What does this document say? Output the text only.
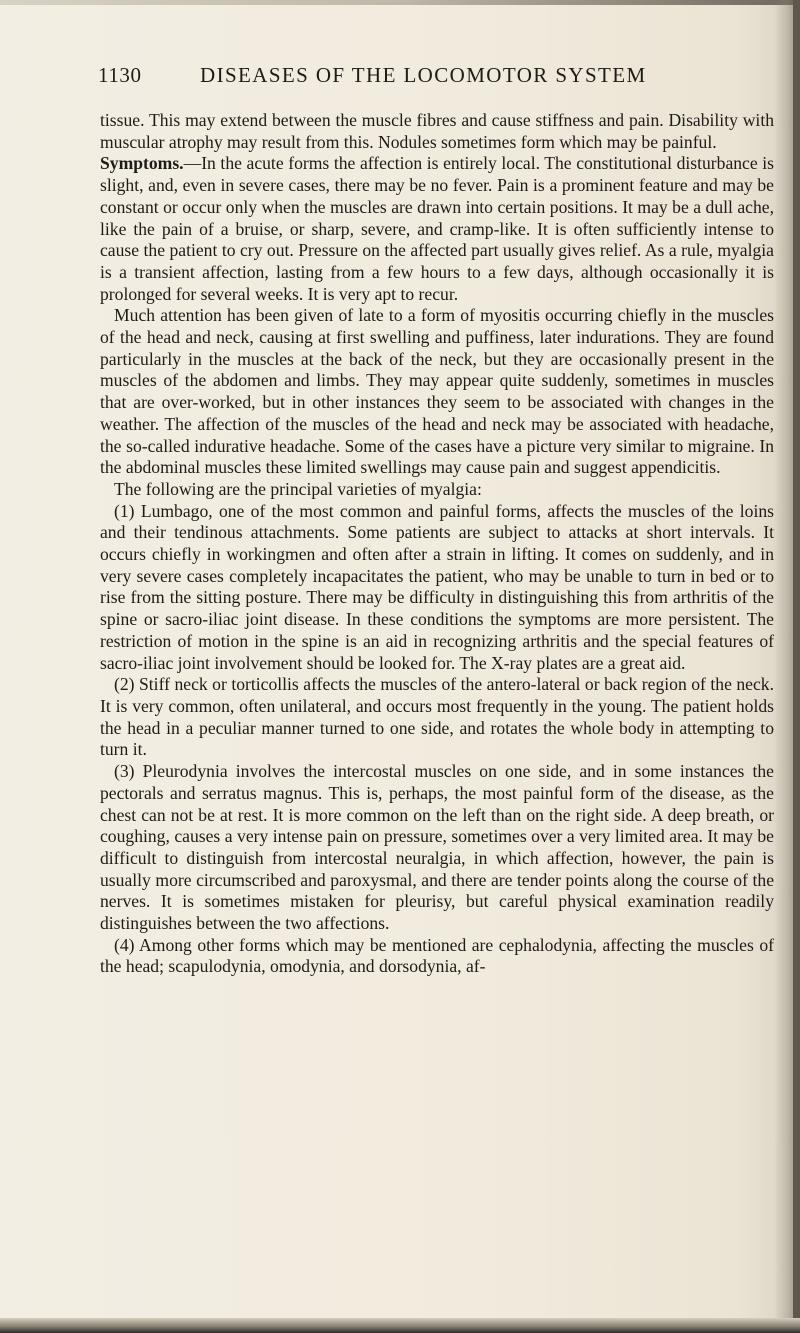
1130	DISEASES OF THE LOCOMOTOR SYSTEM

tissue. This may extend between the muscle fibres and cause stiffness and pain. Disability with muscular atrophy may result from this. Nodules sometimes form which may be painful.

Symptoms.—In the acute forms the affection is entirely local. The constitutional disturbance is slight, and, even in severe cases, there may be no fever. Pain is a prominent feature and may be constant or occur only when the muscles are drawn into certain positions. It may be a dull ache, like the pain of a bruise, or sharp, severe, and cramp-like. It is often sufficiently intense to cause the patient to cry out. Pressure on the affected part usually gives relief. As a rule, myalgia is a transient affection, lasting from a few hours to a few days, although occasionally it is prolonged for several weeks. It is very apt to recur.

Much attention has been given of late to a form of myositis occurring chiefly in the muscles of the head and neck, causing at first swelling and puffiness, later indurations. They are found particularly in the muscles at the back of the neck, but they are occasionally present in the muscles of the abdomen and limbs. They may appear quite suddenly, sometimes in muscles that are over-worked, but in other instances they seem to be associated with changes in the weather. The affection of the muscles of the head and neck may be associated with headache, the so-called indurative headache. Some of the cases have a picture very similar to migraine. In the abdominal muscles these limited swellings may cause pain and suggest appendicitis.

The following are the principal varieties of myalgia:

(1) Lumbago, one of the most common and painful forms, affects the muscles of the loins and their tendinous attachments. Some patients are subject to attacks at short intervals. It occurs chiefly in workingmen and often after a strain in lifting. It comes on suddenly, and in very severe cases completely incapacitates the patient, who may be unable to turn in bed or to rise from the sitting posture. There may be difficulty in distinguishing this from arthritis of the spine or sacro-iliac joint disease. In these conditions the symptoms are more persistent. The restriction of motion in the spine is an aid in recognizing arthritis and the special features of sacro-iliac joint involvement should be looked for. The X-ray plates are a great aid.

(2) Stiff neck or torticollis affects the muscles of the antero-lateral or back region of the neck. It is very common, often unilateral, and occurs most frequently in the young. The patient holds the head in a peculiar manner turned to one side, and rotates the whole body in attempting to turn it.

(3) Pleurodynia involves the intercostal muscles on one side, and in some instances the pectorals and serratus magnus. This is, perhaps, the most painful form of the disease, as the chest can not be at rest. It is more common on the left than on the right side. A deep breath, or coughing, causes a very intense pain on pressure, sometimes over a very limited area. It may be difficult to distinguish from intercostal neuralgia, in which affection, however, the pain is usually more circumscribed and paroxysmal, and there are tender points along the course of the nerves. It is sometimes mistaken for pleurisy, but careful physical examination readily distinguishes between the two affections.

(4) Among other forms which may be mentioned are cephalodynia, affecting the muscles of the head; scapulodynia, omodynia, and dorsodynia, af-
